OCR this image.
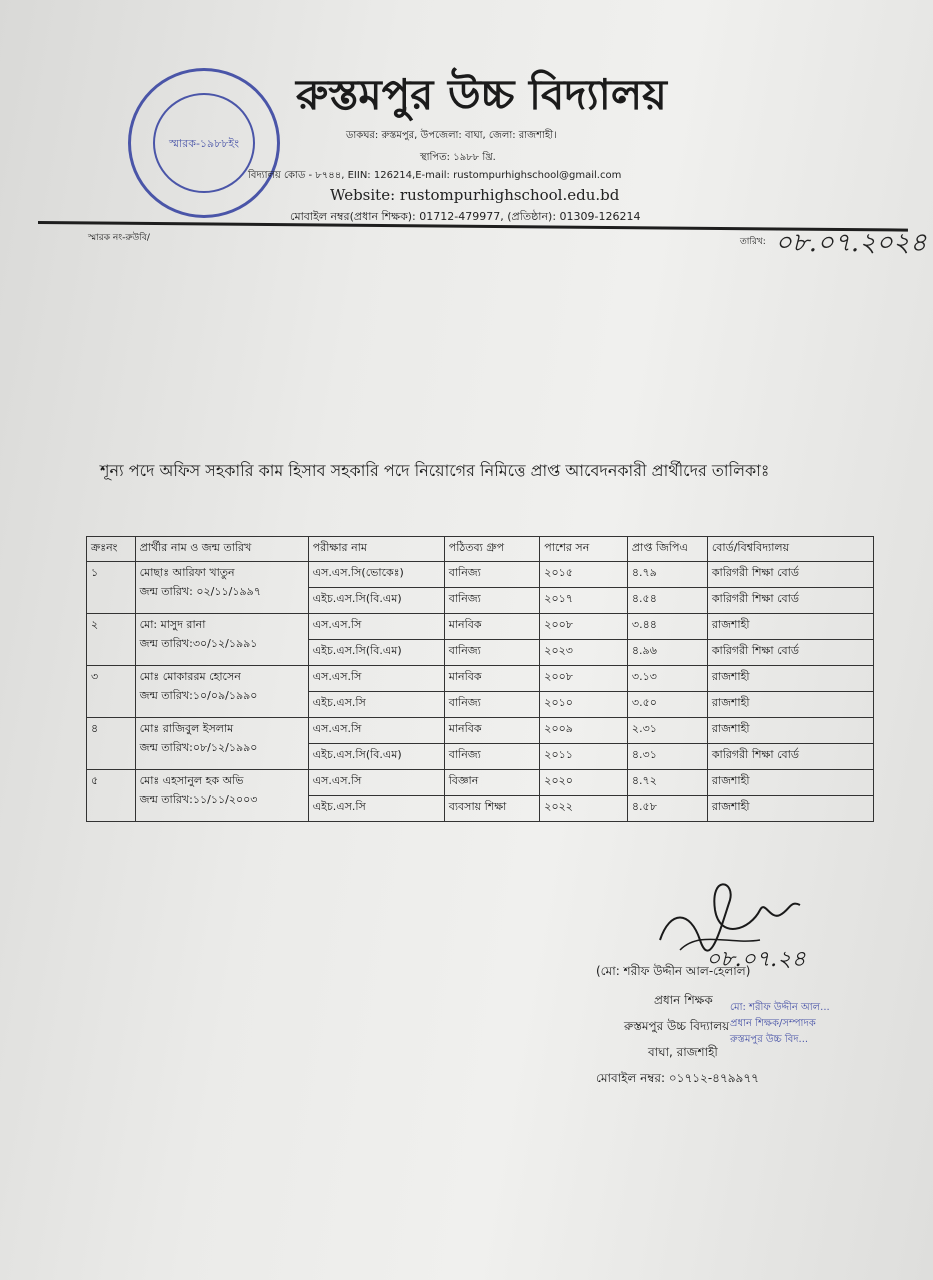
স্মারক-১৯৮৮ইং
রুস্তমপুর উচ্চ বিদ্যালয়
ডাকঘর: রুস্তমপুর, উপজেলা: বাঘা, জেলা: রাজশাহী।
স্থাপিত: ১৯৮৮ খ্রি.
বিদ্যালয় কোড - ৮৭৪৪, EIIN: 126214,E-mail: rustompurhighschool@gmail.com
Website: rustompurhighschool.edu.bd
মোবাইল নম্বর(প্রধান শিক্ষক): 01712-479977, (প্রতিষ্ঠান): 01309-126214
স্মারক নং-রুউবি/	তারিখ: ০৮.০৭.২০২৪
শূন্য পদে অফিস সহকারি কাম হিসাব সহকারি পদে নিয়োগের নিমিত্তে প্রাপ্ত আবেদনকারী প্রার্থীদের তালিকাঃ
ক্রঃনং	প্রার্থীর নাম ও জন্ম তারিখ	পরীক্ষার নাম	পঠিতব্য গ্রুপ	পাশের সন	প্রাপ্ত জিপিএ	বোর্ড/বিশ্ববিদ্যালয়
১	মোছাঃ আরিফা খাতুন
জন্ম তারিখ: ০২/১১/১৯৯৭	এস.এস.সি(ভোকেঃ)	বানিজ্য	২০১৫	৪.৭৯	কারিগরী শিক্ষা বোর্ড
		এইচ.এস.সি(বি.এম)	বানিজ্য	২০১৭	৪.৫৪	কারিগরী শিক্ষা বোর্ড
২	মো: মাসুদ রানা
জন্ম তারিখ:৩০/১২/১৯৯১	এস.এস.সি	মানবিক	২০০৮	৩.৪৪	রাজশাহী
		এইচ.এস.সি(বি.এম)	বানিজ্য	২০২৩	৪.৯৬	কারিগরী শিক্ষা বোর্ড
৩	মোঃ মোকাররম হোসেন
জন্ম তারিখ:১০/০৯/১৯৯০	এস.এস.সি	মানবিক	২০০৮	৩.১৩	রাজশাহী
		এইচ.এস.সি	বানিজ্য	২০১০	৩.৫০	রাজশাহী
৪	মোঃ রাজিবুল ইসলাম
জন্ম তারিখ:০৮/১২/১৯৯০	এস.এস.সি	মানবিক	২০০৯	২.৩১	রাজশাহী
		এইচ.এস.সি(বি.এম)	বানিজ্য	২০১১	৪.৩১	কারিগরী শিক্ষা বোর্ড
৫	মোঃ এহসানুল হক অভি
জন্ম তারিখ:১১/১১/২০০৩	এস.এস.সি	বিজ্ঞান	২০২০	৪.৭২	রাজশাহী
		এইচ.এস.সি	ব্যবসায় শিক্ষা	২০২২	৪.৫৮	রাজশাহী
০৮.০৭.২৪
(মো: শরীফ উদ্দীন আল-হেলাল)
প্রধান শিক্ষক
রুস্তমপুর উচ্চ বিদ্যালয়
বাঘা, রাজশাহী
মোবাইল নম্বর: ০১৭১২-৪৭৯৯৭৭
মো: শরীফ উদ্দীন আল...
প্রধান শিক্ষক/সম্পাদক
রুস্তমপুর উচ্চ বিদ...
